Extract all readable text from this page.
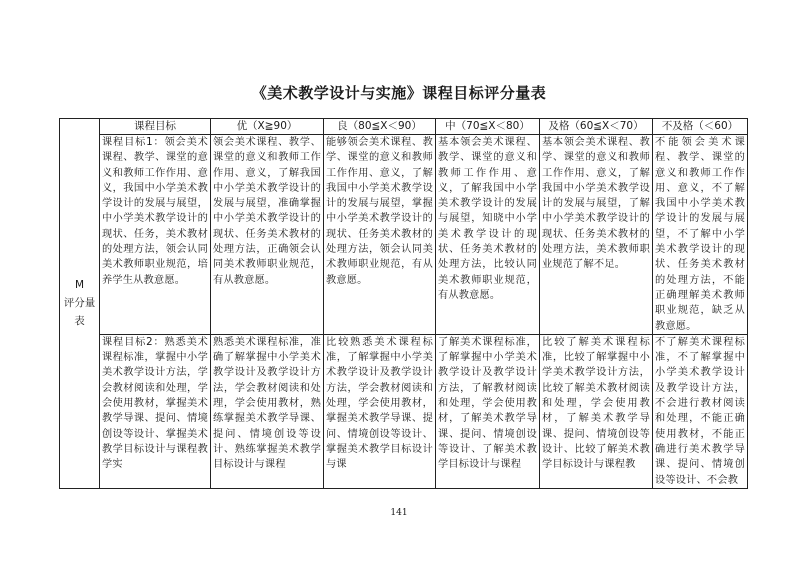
《美术教学设计与实施》课程目标评分量表
M
评分量表	课程目标	优（X≧90）	良（80≦X＜90）	中（70≦X＜80）	及格（60≦X＜70）	不及格（＜60）
	课程目标1：领会美术课程、教学、课堂的意义和教师工作作用、意义，我国中小学美术教学设计的发展与展望，中小学美术教学设计的现状、任务，美术教材的处理方法，领会认同美术教师职业规范，培养学生从教意愿。	领会美术课程、教学、课堂的意义和教师工作作用、意义，了解我国中小学美术教学设计的发展与展望，准确掌握中小学美术教学设计的现状、任务美术教材的处理方法，正确领会认同美术教师职业规范，有从教意愿。	能够领会美术课程、教学、课堂的意义和教师工作作用、意义，了解我国中小学美术教学设计的发展与展望，掌握中小学美术教学设计的现状、任务美术教材的处理方法，领会认同美术教师职业规范，有从教意愿。	基本领会美术课程、教学、课堂的意义和教师工作作用、意义，了解我国中小学美术教学设计的发展与展望，知晓中小学美术教学设计的现状、任务美术教材的处理方法，比较认同美术教师职业规范，有从教意愿。	基本领会美术课程、教学、课堂的意义和教师工作作用、意义，了解我国中小学美术教学设计的发展与展望，了解中小学美术教学设计的现状、任务美术教材的处理方法，美术教师职业规范了解不足。	不能领会美术课程、教学、课堂的意义和教师工作作用、意义，不了解我国中小学美术教学设计的发展与展望，不了解中小学美术教学设计的现状、任务美术教材的处理方法，不能正确理解美术教师职业规范，缺乏从教意愿。
	课程目标2：熟悉美术课程标准，掌握中小学美术教学设计方法，学会教材阅读和处理，学会使用教材，掌握美术教学导课、提问、情境创设等设计、掌握美术教学目标设计与课程教学实	熟悉美术课程标准，准确了解掌握中小学美术教学设计及教学设计方法，学会教材阅读和处理，学会使用教材，熟练掌握美术教学导课、提问、情境创设等设计、熟练掌握美术教学目标设计与课程	比较熟悉美术课程标准，了解掌握中小学美术教学设计及教学设计方法，学会教材阅读和处理，学会使用教材，掌握美术教学导课、提问、情境创设等设计、掌握美术教学目标设计与课	了解美术课程标准，了解掌握中小学美术教学设计及教学设计方法，了解教材阅读和处理，学会使用教材，了解美术教学导课、提问、情境创设等设计、了解美术教学目标设计与课程	比较了解美术课程标准，比较了解掌握中小学美术教学设计方法，比较了解美术教材阅读和处理，学会使用教材，了解美术教学导课、提问、情境创设等设计、比较了解美术教学目标设计与课程教	不了解美术课程标准，不了解掌握中小学美术教学设计及教学设计方法，不会进行教材阅读和处理，不能正确使用教材，不能正确进行美术教学导课、提问、情境创设等设计、不会教
141
